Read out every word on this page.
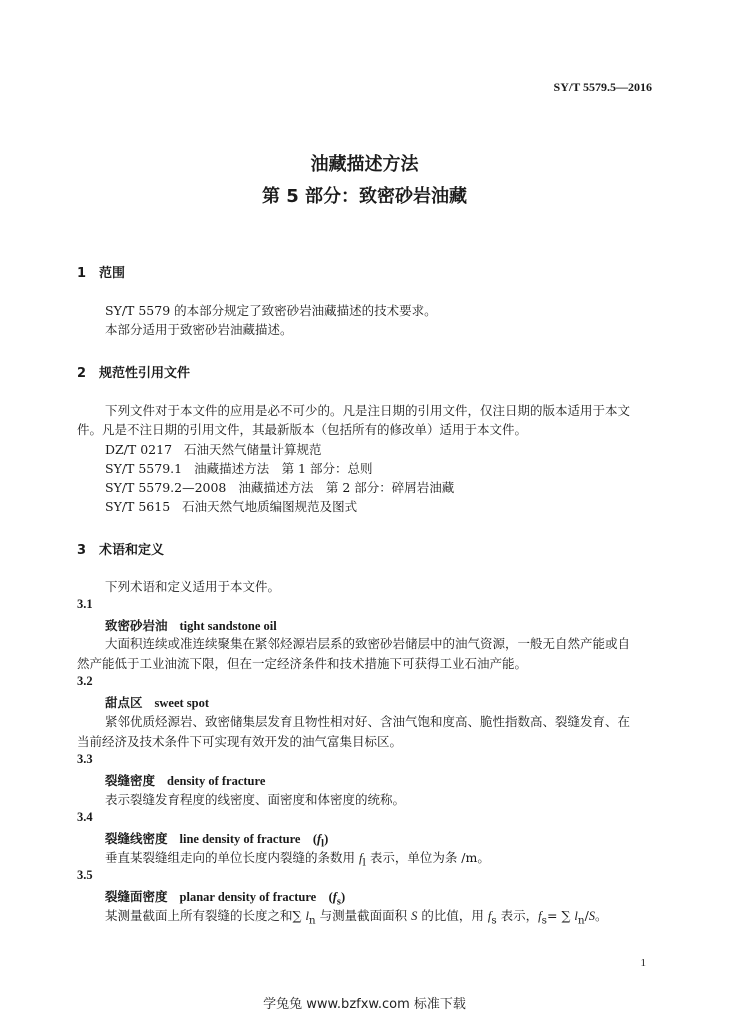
SY/T 5579.5—2016
油藏描述方法
第 5 部分：致密砂岩油藏
1 范围
SY/T 5579 的本部分规定了致密砂岩油藏描述的技术要求。
本部分适用于致密砂岩油藏描述。
2 规范性引用文件
下列文件对于本文件的应用是必不可少的。凡是注日期的引用文件，仅注日期的版本适用于本文
件。凡是不注日期的引用文件，其最新版本（包括所有的修改单）适用于本文件。
DZ/T 0217 石油天然气储量计算规范
SY/T 5579.1 油藏描述方法　第 1 部分：总则
SY/T 5579.2—2008 油藏描述方法　第 2 部分：碎屑岩油藏
SY/T 5615 石油天然气地质编图规范及图式
3 术语和定义
下列术语和定义适用于本文件。
3.1
致密砂岩油 tight sandstone oil
大面积连续或准连续聚集在紧邻烃源岩层系的致密砂岩储层中的油气资源，一般无自然产能或自
然产能低于工业油流下限，但在一定经济条件和技术措施下可获得工业石油产能。
3.2
甜点区 sweet spot
紧邻优质烃源岩、致密储集层发育且物性相对好、含油气饱和度高、脆性指数高、裂缝发育、在
当前经济及技术条件下可实现有效开发的油气富集目标区。
3.3
裂缝密度 density of fracture
表示裂缝发育程度的线密度、面密度和体密度的统称。
3.4
裂缝线密度 line density of fracture $(f_l)$
垂直某裂缝组走向的单位长度内裂缝的条数用 $f_l$ 表示，单位为条 /m。
3.5
裂缝面密度 planar density of fracture $(f_s)$
某测量截面上所有裂缝的长度之和∑ $l_n$ 与测量截面面积 S 的比值，用 $f_s$ 表示，$f_s=$ ∑ $l_n/S$。
1
学兔兔 www.bzfxw.com 标准下载
